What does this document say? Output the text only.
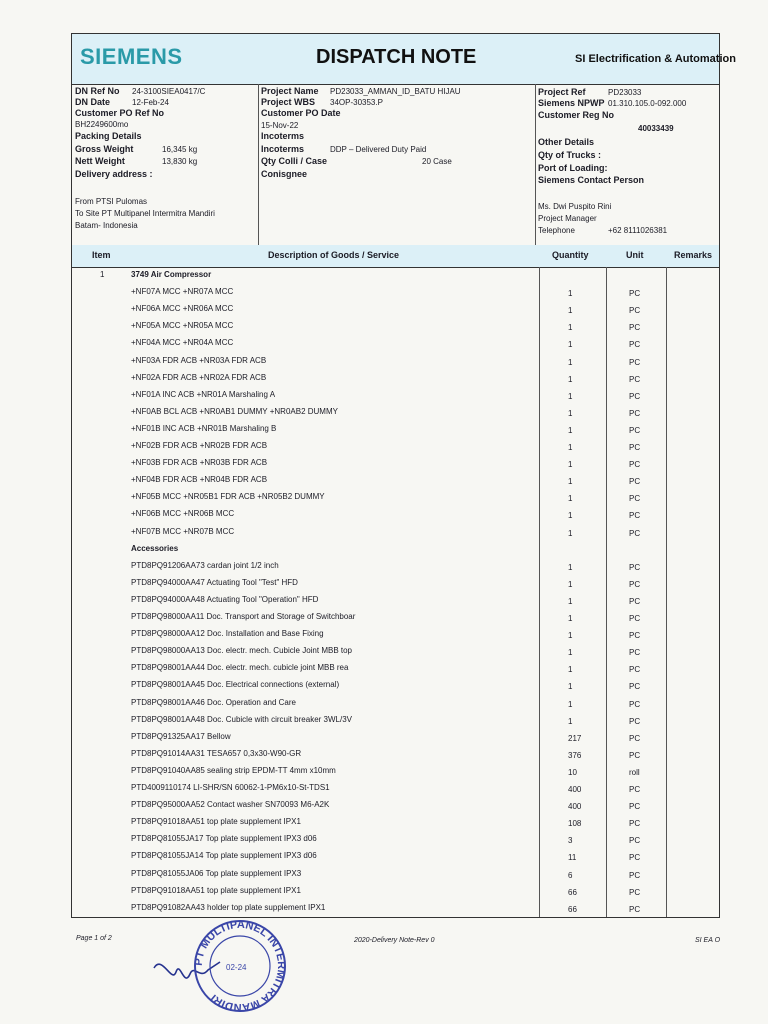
SIEMENS	DISPATCH NOTE	SI Electrification & Automation
DN Ref No 24-3100SIEA0417/C
DN Date	12-Feb-24
Customer PO Ref No
BH2249600mo
Packing Details
Gross Weight	16,345 kg
Nett Weight	13,830 kg
Delivery address :
From PTSI Pulomas
To Site PT Multipanel Intermitra Mandiri
Batam- Indonesia
Project Name PD23033_AMMAN_ID_BATU HIJAU
Project WBS 34OP-30353.P
Customer PO Date
15-Nov-22
Incoterms
Incoterms	DDP – Delivered Duty Paid
Qty Colli / Case	20 Case
Conisgnee
Project Ref	PD23033
Siemens NPWP 01.310.105.0-092.000
Customer Reg No
40033439
Other Details
Qty of Trucks :
Port of Loading:
Siemens Contact Person
Ms. Dwi Puspito Rini
Project Manager
Telephone	+62 8111026381
Item	Description of Goods / Service	Quantity	Unit	Remarks
1	3749 Air Compressor
+NF07A MCC +NR07A MCC	1	PC
+NF06A MCC +NR06A MCC	1	PC
+NF05A MCC +NR05A MCC	1	PC
+NF04A MCC +NR04A MCC	1	PC
+NF03A FDR ACB +NR03A FDR ACB	1	PC
+NF02A FDR ACB +NR02A FDR ACB	1	PC
+NF01A INC ACB +NR01A Marshaling A	1	PC
+NF0AB BCL ACB +NR0AB1 DUMMY +NR0AB2 DUMMY	1	PC
+NF01B INC ACB +NR01B Marshaling B	1	PC
+NF02B FDR ACB +NR02B FDR ACB	1	PC
+NF03B FDR ACB +NR03B FDR ACB	1	PC
+NF04B FDR ACB +NR04B FDR ACB	1	PC
+NF05B MCC +NR05B1 FDR ACB +NR05B2 DUMMY	1	PC
+NF06B MCC +NR06B MCC	1	PC
+NF07B MCC +NR07B MCC	1	PC
Accessories
PTD8PQ91206AA73 cardan joint 1/2 inch	1	PC
PTD8PQ94000AA47 Actuating Tool "Test" HFD	1	PC
PTD8PQ94000AA48 Actuating Tool "Operation" HFD	1	PC
PTD8PQ98000AA11 Doc. Transport and Storage of Switchboar	1	PC
PTD8PQ98000AA12 Doc. Installation and Base Fixing	1	PC
PTD8PQ98000AA13 Doc. electr. mech. Cubicle Joint MBB top	1	PC
PTD8PQ98001AA44 Doc. electr. mech. cubicle joint MBB rea	1	PC
PTD8PQ98001AA45 Doc. Electrical connections (external)	1	PC
PTD8PQ98001AA46 Doc. Operation and Care	1	PC
PTD8PQ98001AA48 Doc. Cubicle with circuit breaker 3WL/3V	1	PC
PTD8PQ91325AA17 Bellow	217	PC
PTD8PQ91014AA31 TESA657 0,3x30-W90-GR	376	PC
PTD8PQ91040AA85 sealing strip EPDM-TT 4mm x10mm	10	roll
PTD4009110174 LI-SHR/SN 60062-1-PM6x10-St-TDS1	400	PC
PTD8PQ95000AA52 Contact washer SN70093 M6-A2K	400	PC
PTD8PQ91018AA51 top plate supplement IPX1	108	PC
PTD8PQ81055JA17 Top plate supplement IPX3 d06	3	PC
PTD8PQ81055JA14 Top plate supplement IPX3 d06	11	PC
PTD8PQ81055JA06 Top plate supplement IPX3	6	PC
PTD8PQ91018AA51 top plate supplement IPX1	66	PC
PTD8PQ91082AA43 holder top plate supplement IPX1	66	PC
Page 1 of 2	2020-Delivery Note-Rev 0	SI EA O
PT MULTIPANEL INTERMITRA MANDIRI
02-24
